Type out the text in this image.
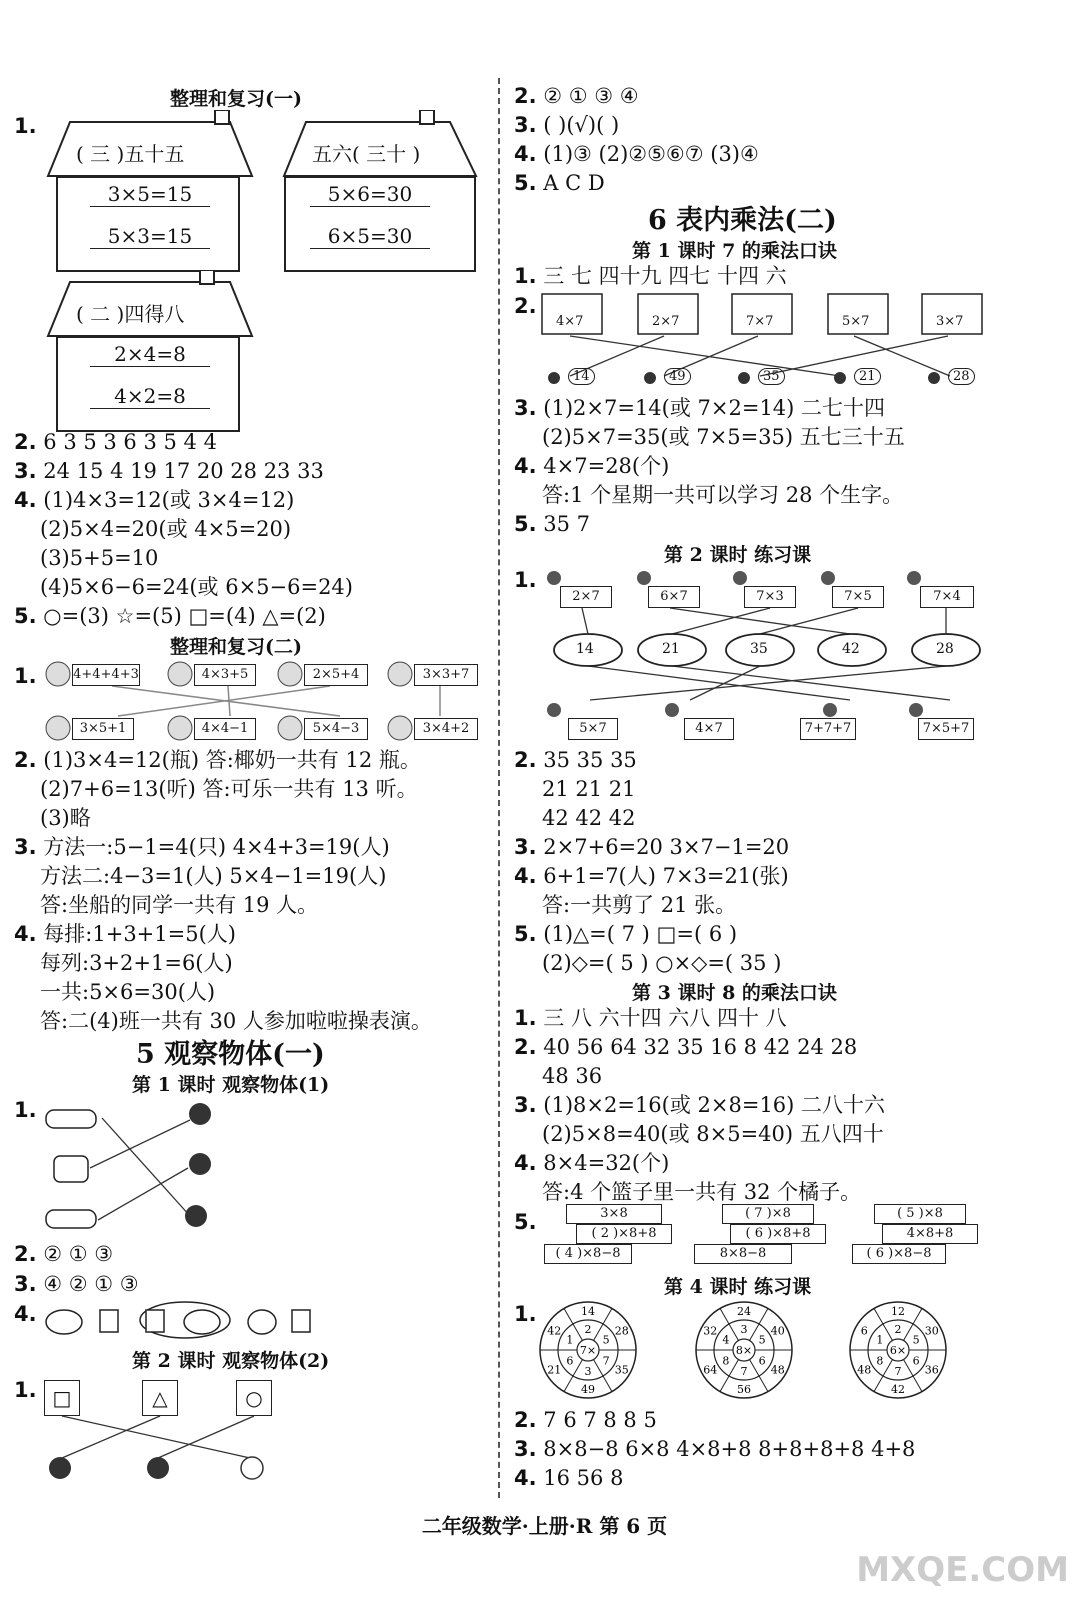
整理和复习(一)
1.
( 三 )五十五
3×5=15
5×3=15
五六( 三十 )
5×6=30
6×5=30
( 二 )四得八
2×4=8
4×2=8
2. 6 3 5 3 6 3 5 4 4
3. 24 15 4 19 17 20 28 23 33
4. (1)4×3=12(或 3×4=12)
(2)5×4=20(或 4×5=20)
(3)5+5=10
(4)5×6−6=24(或 6×5−6=24)
5. ○=(3) ☆=(5) □=(4) △=(2)
整理和复习(二)
1.	4+4+4+3	4×3+5	2×5+4	3×3+7
3×5+1	4×4−1	5×4−3	3×4+2
2. (1)3×4=12(瓶) 答:椰奶一共有 12 瓶。
(2)7+6=13(听) 答:可乐一共有 13 听。
(3)略
3. 方法一:5−1=4(只) 4×4+3=19(人)
方法二:4−3=1(人) 5×4−1=19(人)
答:坐船的同学一共有 19 人。
4. 每排:1+3+1=5(人)
每列:3+2+1=6(人)
一共:5×6=30(人)
答:二(4)班一共有 30 人参加啦啦操表演。
5 观察物体(一)
第 1 课时 观察物体(1)
1.
2. ② ① ③
3. ④ ② ① ③
4.
第 2 课时 观察物体(2)
1. □	△	○
2. ② ① ③ ④
3. ( )(√)( )
4. (1)③ (2)②⑤⑥⑦ (3)④
5. A C D
6 表内乘法(二)
第 1 课时 7 的乘法口诀
1. 三 七 四十九 四七 十四 六
2.
4×7	2×7	7×7	5×7	3×7
14	49	35	21	28
3. (1)2×7=14(或 7×2=14) 二七十四
(2)5×7=35(或 7×5=35) 五七三十五
4. 4×7=28(个)
答:1 个星期一共可以学习 28 个生字。
5. 35 7
第 2 课时 练习课
1.
2×7	6×7	7×3	7×5	7×4
14	21	35	42	28
5×7	4×7	7+7+7	7×5+7
2. 35 35 35
21 21 21
42 42 42
3. 2×7+6=20 3×7−1=20
4. 6+1=7(人) 7×3=21(张)
答:一共剪了 21 张。
5. (1)△=( 7 ) □=( 6 )
(2)◇=( 5 ) ○×◇=( 35 )
第 3 课时 8 的乘法口诀
1. 三 八 六十四 六八 四十 八
2. 40 56 64 32 35 16 8 42 24 28
48 36
3. (1)8×2=16(或 2×8=16) 二八十六
(2)5×8=40(或 8×5=40) 五八四十
4. 8×4=32(个)
答:4 个篮子里一共有 32 个橘子。
5.	3×8
( 2 )×8+8
( 4 )×8−8
( 7 )×8
( 6 )×8+8
8×8−8
( 5 )×8
4×8+8
( 6 )×8−8
第 4 课时 练习课
1.
2
14
5
28
7
35
3
49
6
21
1
42
7×
3
24
5
40
6
48
7
56
8
64
4
32
8×
2
12
5
30
6
36
7
42
8
48
1
6
6×
2. 7 6 7 8 8 5
3. 8×8−8 6×8 4×8+8 8+8+8+8 4+8
4. 16 56 8
二年级数学·上册·R 第 6 页
MXQE.COM
